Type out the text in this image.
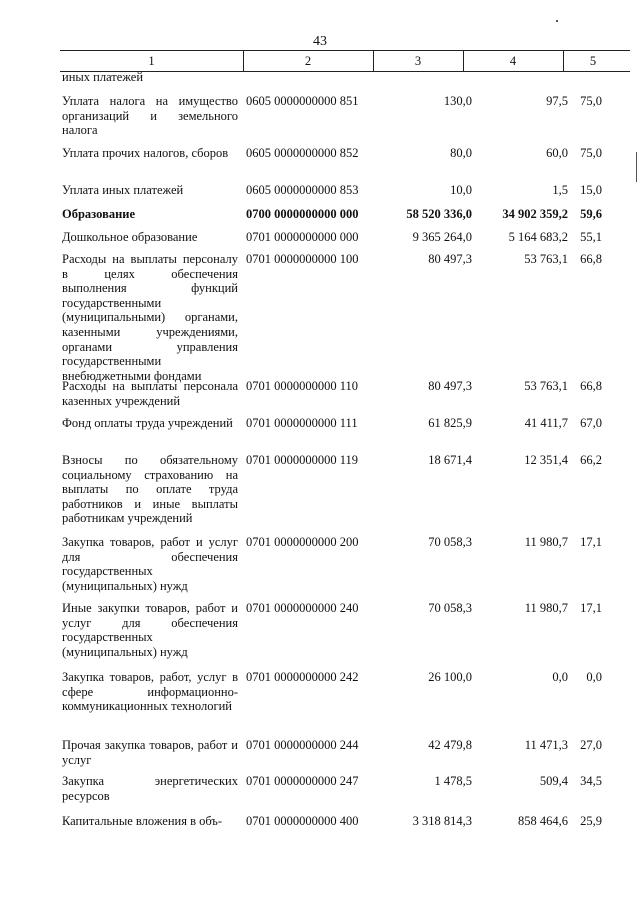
43
1	2	3	4	5
иных платежей
Уплата налога на имущество организаций и земельного налога
0605 0000000000 851	130,0	97,5 75,0
Уплата прочих налогов, сборов	0605 0000000000 852	80,0	60,0 75,0
Уплата иных платежей	0605 0000000000 853	10,0	1,5 15,0
Образование	0700 0000000000 000	58 520 336,0	34 902 359,2 59,6
Дошкольное образование	0701 0000000000 000	9 365 264,0	5 164 683,2 55,1
Расходы на выплаты персоналу в целях обеспечения выполнения функций государственными (муниципальными) органами, казенными учреждениями, органами управления государственными внебюджетными фондами
0701 0000000000 100	80 497,3	53 763,1 66,8
Расходы на выплаты персонала казенных учреждений
0701 0000000000 110	80 497,3	53 763,1 66,8
Фонд оплаты труда учреждений	0701 0000000000 111	61 825,9	41 411,7 67,0
Взносы по обязательному социальному страхованию на выплаты по оплате труда работников и иные выплаты работникам учреждений
0701 0000000000 119	18 671,4	12 351,4 66,2
Закупка товаров, работ и услуг для обеспечения государственных (муниципальных) нужд
0701 0000000000 200	70 058,3	11 980,7 17,1
Иные закупки товаров, работ и услуг для обеспечения государственных (муниципальных) нужд
0701 0000000000 240	70 058,3	11 980,7 17,1
Закупка товаров, работ, услуг в сфере информационно-коммуникационных технологий
0701 0000000000 242	26 100,0	0,0	0,0
Прочая закупка товаров, работ и услуг
0701 0000000000 244	42 479,8	11 471,3 27,0
Закупка энергетических ресурсов
0701 0000000000 247	1 478,5	509,4 34,5
Капитальные вложения в объ-	0701 0000000000 400	3 318 814,3	858 464,6 25,9
